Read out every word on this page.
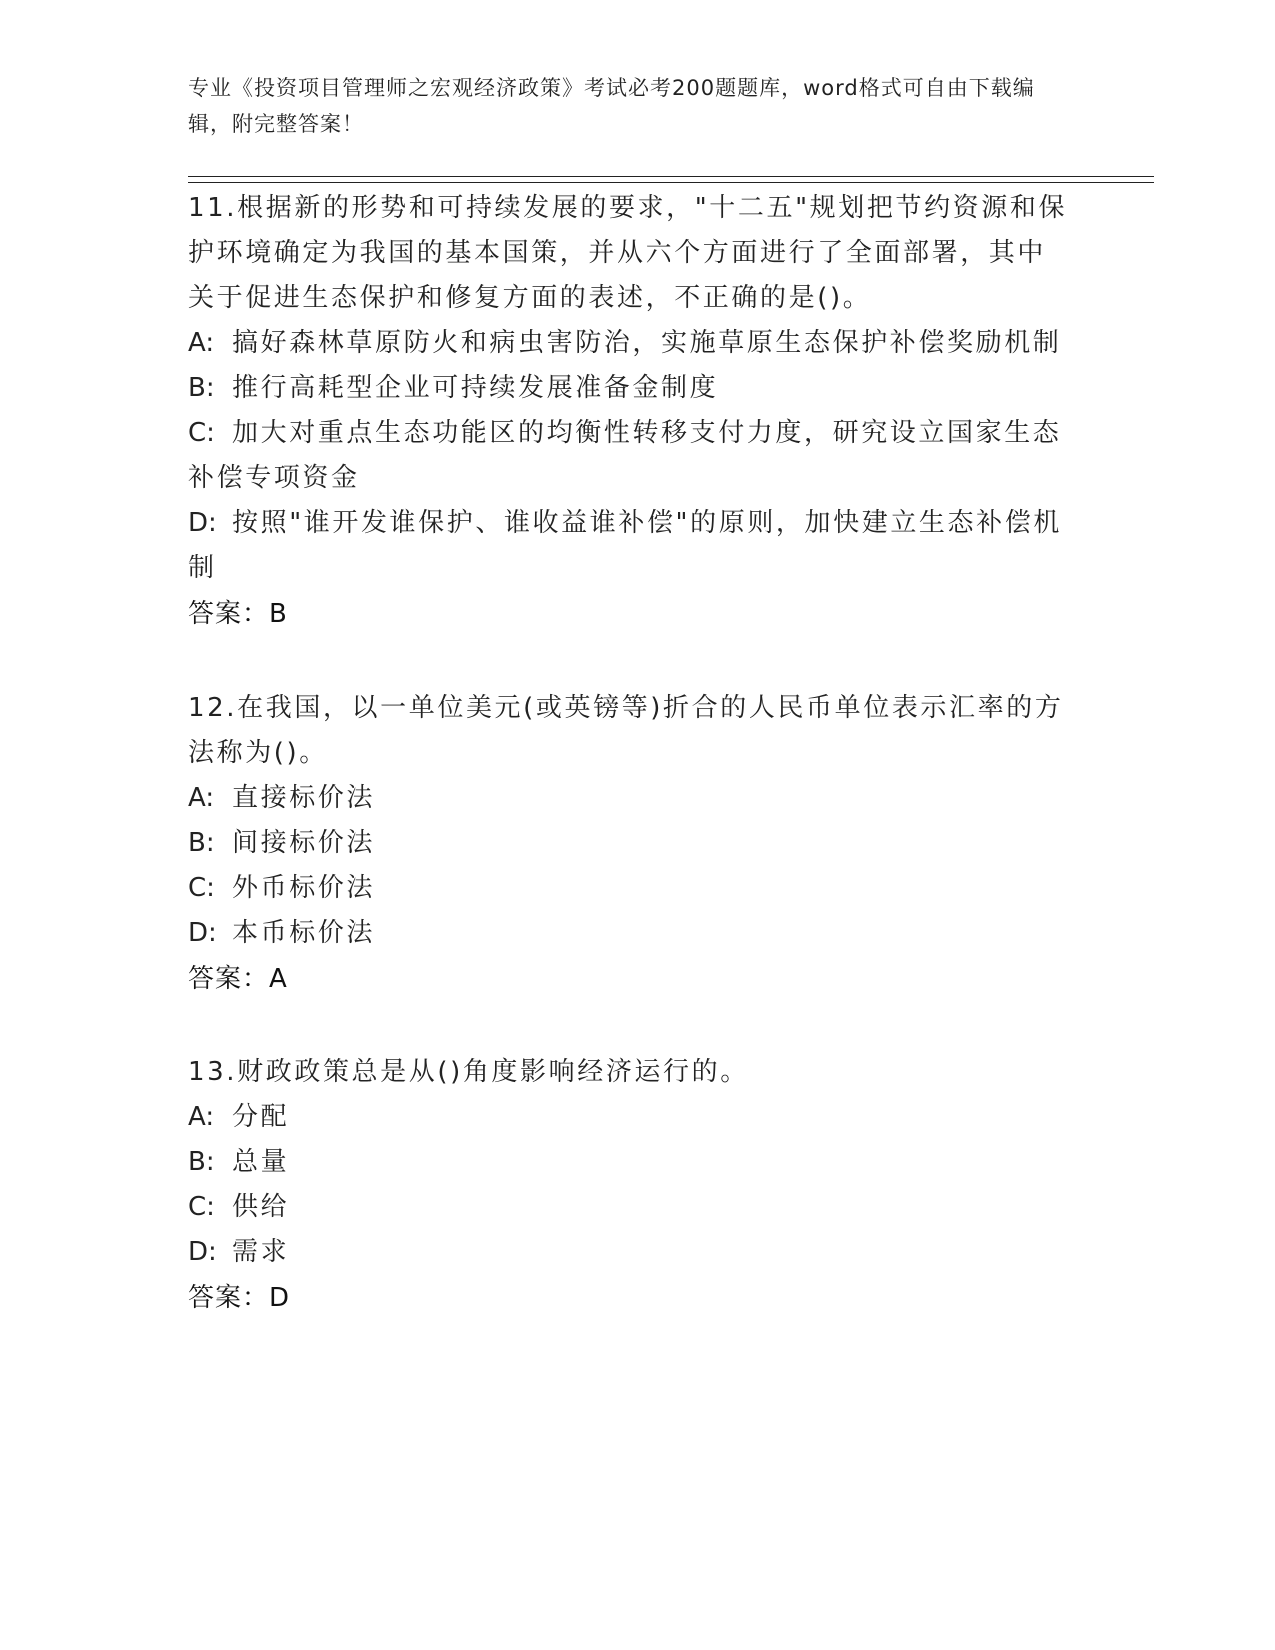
专业《投资项目管理师之宏观经济政策》考试必考200题题库，word格式可自由下载编辑，附完整答案！
11.根据新的形势和可持续发展的要求，"十二五"规划把节约资源和保护环境确定为我国的基本国策，并从六个方面进行了全面部署，其中关于促进生态保护和修复方面的表述，不正确的是()。
A: 搞好森林草原防火和病虫害防治，实施草原生态保护补偿奖励机制
B: 推行高耗型企业可持续发展准备金制度
C: 加大对重点生态功能区的均衡性转移支付力度，研究设立国家生态补偿专项资金
D: 按照"谁开发谁保护、谁收益谁补偿"的原则，加快建立生态补偿机制
答案：B
12.在我国，以一单位美元(或英镑等)折合的人民币单位表示汇率的方法称为()。
A: 直接标价法
B: 间接标价法
C: 外币标价法
D: 本币标价法
答案：A
13.财政政策总是从()角度影响经济运行的。
A: 分配
B: 总量
C: 供给
D: 需求
答案：D
